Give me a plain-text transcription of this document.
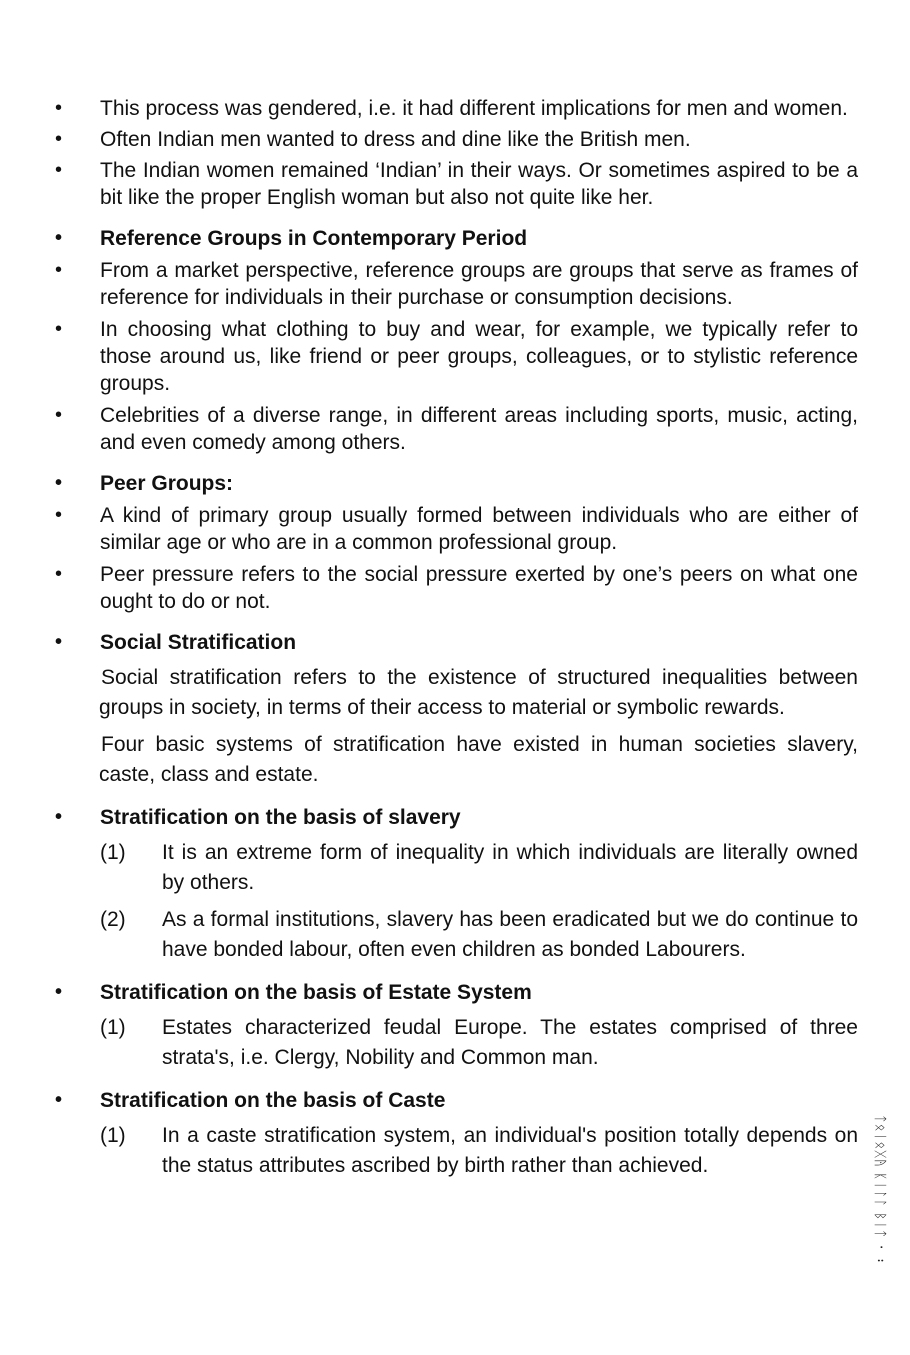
• This process was gendered, i.e. it had different implications for men and women.
• Often Indian men wanted to dress and dine like the British men.
• The Indian women remained ‘Indian’ in their ways. Or sometimes aspired to be a bit like the proper English woman but also not quite like her.
• Reference Groups in Contemporary Period
• From a market perspective, reference groups are groups that serve as frames of reference for individuals in their purchase or consumption decisions.
• In choosing what clothing to buy and wear, for example, we typically refer to those around us, like friend or peer groups, colleagues, or to stylistic reference groups.
• Celebrities of a diverse range, in different areas including sports, music, acting, and even comedy among others.
• Peer Groups:
• A kind of primary group usually formed between individuals who are either of similar age or who are in a common professional group.
• Peer pressure refers to the social pressure exerted by one’s peers on what one ought to do or not.
• Social Stratification
Social stratification refers to the existence of structured inequalities between groups in society, in terms of their access to material or symbolic rewards.
Four basic systems of stratification have existed in human societies slavery, caste, class and estate.
• Stratification on the basis of slavery
(1) It is an extreme form of inequality in which individuals are literally owned by others.
(2) As a formal institutions, slavery has been eradicated but we do continue to have bonded labour, often even children as bonded Labourers.
• Stratification on the basis of Estate System
(1) Estates characterized feudal Europe. The estates comprised of three strata's, i.e. Clergy, Nobility and Common man.
• Stratification on the basis of Caste
(1) In a caste stratification system, an individual's position totally depends on the status attributes ascribed by birth rather than achieved.	ᛏᛟᛁᛟᚷᚤ ᛕᛁᛚᛚ ᛒᛁᛏ ᛫ ᛬
